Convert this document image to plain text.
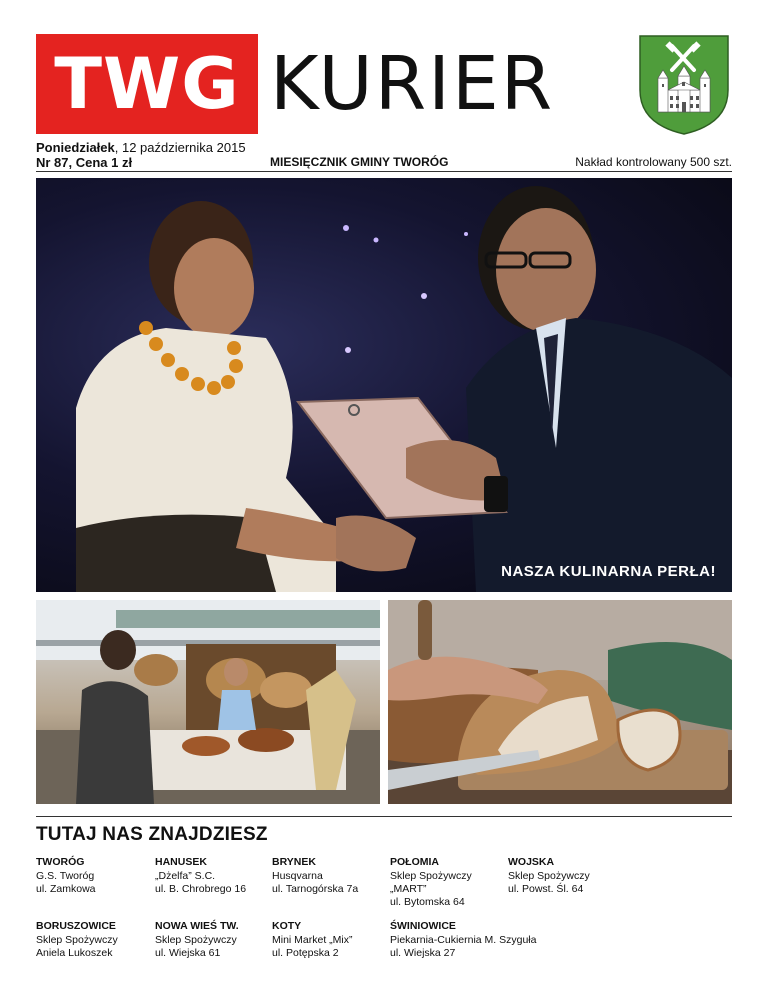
TWG KURIER
Poniedziałek, 12 października 2015
Nr 87, Cena 1 zł	MIESIĘCZNIK GMINY TWORÓG	Nakład kontrolowany 500 szt.
NASZA KULINARNA PERŁA!
TUTAJ NAS ZNAJDZIESZ
TWORÓG
G.S. Tworóg
ul. Zamkowa
HANUSEK
„Dżelfa” S.C.
ul. B. Chrobrego 16
BRYNEK
Husqvarna
ul. Tarnogórska 7a
POŁOMIA
Sklep Spożywczy
„MART”
ul. Bytomska 64
WOJSKA
Sklep Spożywczy
ul. Powst. Śl. 64
BORUSZOWICE
Sklep Spożywczy
Aniela Lukoszek
NOWA WIEŚ TW.
Sklep Spożywczy
ul. Wiejska 61
KOTY
Mini Market „Mix”
ul. Potępska 2
ŚWINIOWICE
Piekarnia-Cukiernia M. Szyguła
ul. Wiejska 27
